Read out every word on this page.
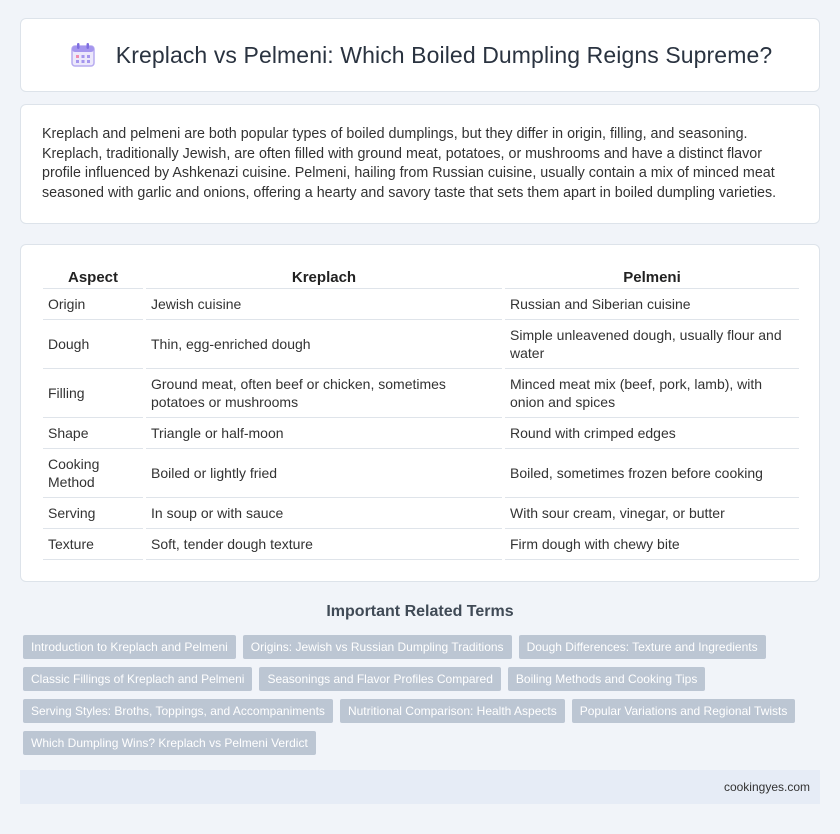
Kreplach vs Pelmeni: Which Boiled Dumpling Reigns Supreme?

Kreplach and pelmeni are both popular types of boiled dumplings, but they differ in origin, filling, and seasoning. Kreplach, traditionally Jewish, are often filled with ground meat, potatoes, or mushrooms and have a distinct flavor profile influenced by Ashkenazi cuisine. Pelmeni, hailing from Russian cuisine, usually contain a mix of minced meat seasoned with garlic and onions, offering a hearty and savory taste that sets them apart in boiled dumpling varieties.

Aspect	Kreplach	Pelmeni
Origin	Jewish cuisine	Russian and Siberian cuisine
Dough	Thin, egg-enriched dough	Simple unleavened dough, usually flour and water
Filling	Ground meat, often beef or chicken, sometimes potatoes or mushrooms	Minced meat mix (beef, pork, lamb), with onion and spices
Shape	Triangle or half-moon	Round with crimped edges
Cooking Method	Boiled or lightly fried	Boiled, sometimes frozen before cooking
Serving	In soup or with sauce	With sour cream, vinegar, or butter
Texture	Soft, tender dough texture	Firm dough with chewy bite
Important Related Terms
Introduction to Kreplach and Pelmeni	Origins: Jewish vs Russian Dumpling Traditions	Dough Differences: Texture and Ingredients
Classic Fillings of Kreplach and Pelmeni	Seasonings and Flavor Profiles Compared	Boiling Methods and Cooking Tips
Serving Styles: Broths, Toppings, and Accompaniments	Nutritional Comparison: Health Aspects	Popular Variations and Regional Twists
Which Dumpling Wins? Kreplach vs Pelmeni Verdict
cookingyes.com
